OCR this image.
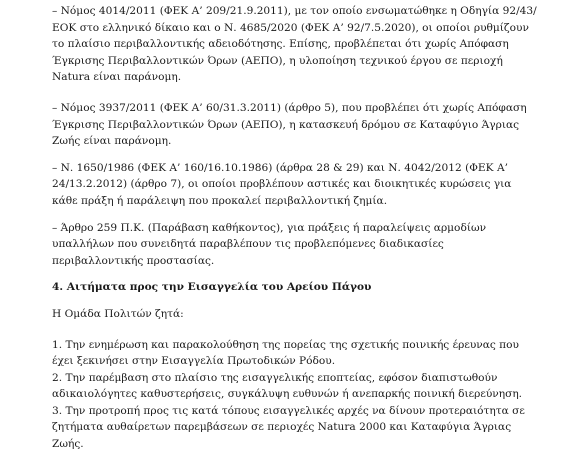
– Νόμος 4014/2011 (ΦΕΚ Α’ 209/21.9.2011), με τον οποίο ενσωματώθηκε η Οδηγία 92/43/ΕΟΚ στο ελληνικό δίκαιο και ο Ν. 4685/2020 (ΦΕΚ Α’ 92/7.5.2020), οι οποίοι ρυθμίζουν το πλαίσιο περιβαλλοντικής αδειοδότησης. Επίσης, προβλέπεται ότι χωρίς Απόφαση Έγκρισης Περιβαλλοντικών Όρων (ΑΕΠΟ), η υλοποίηση τεχνικού έργου σε περιοχή Natura είναι παράνομη.

– Νόμος 3937/2011 (ΦΕΚ Α’ 60/31.3.2011) (άρθρο 5), που προβλέπει ότι χωρίς Απόφαση Έγκρισης Περιβαλλοντικών Όρων (ΑΕΠΟ), η κατασκευή δρόμου σε Καταφύγιο Άγριας Ζωής είναι παράνομη.

– Ν. 1650/1986 (ΦΕΚ Α’ 160/16.10.1986) (άρθρα 28 & 29) και Ν. 4042/2012 (ΦΕΚ Α’ 24/13.2.2012) (άρθρο 7), οι οποίοι προβλέπουν αστικές και διοικητικές κυρώσεις για κάθε πράξη ή παράλειψη που προκαλεί περιβαλλοντική ζημία.

– Άρθρο 259 Π.Κ. (Παράβαση καθήκοντος), για πράξεις ή παραλείψεις αρμοδίων υπαλλήλων που συνειδητά παραβλέπουν τις προβλεπόμενες διαδικασίες περιβαλλοντικής προστασίας.

4. Αιτήματα προς την Εισαγγελία του Αρείου Πάγου

Η Ομάδα Πολιτών ζητά:

1. Την ενημέρωση και παρακολούθηση της πορείας της σχετικής ποινικής έρευνας που έχει ξεκινήσει στην Εισαγγελία Πρωτοδικών Ρόδου.

2. Την παρέμβαση στο πλαίσιο της εισαγγελικής εποπτείας, εφόσον διαπιστωθούν αδικαιολόγητες καθυστερήσεις, συγκάλυψη ευθυνών ή ανεπαρκής ποινική διερεύνηση.

3. Την προτροπή προς τις κατά τόπους εισαγγελικές αρχές να δίνουν προτεραιότητα σε ζητήματα αυθαίρετων παρεμβάσεων σε περιοχές Natura 2000 και Καταφύγια Άγριας Ζωής.
